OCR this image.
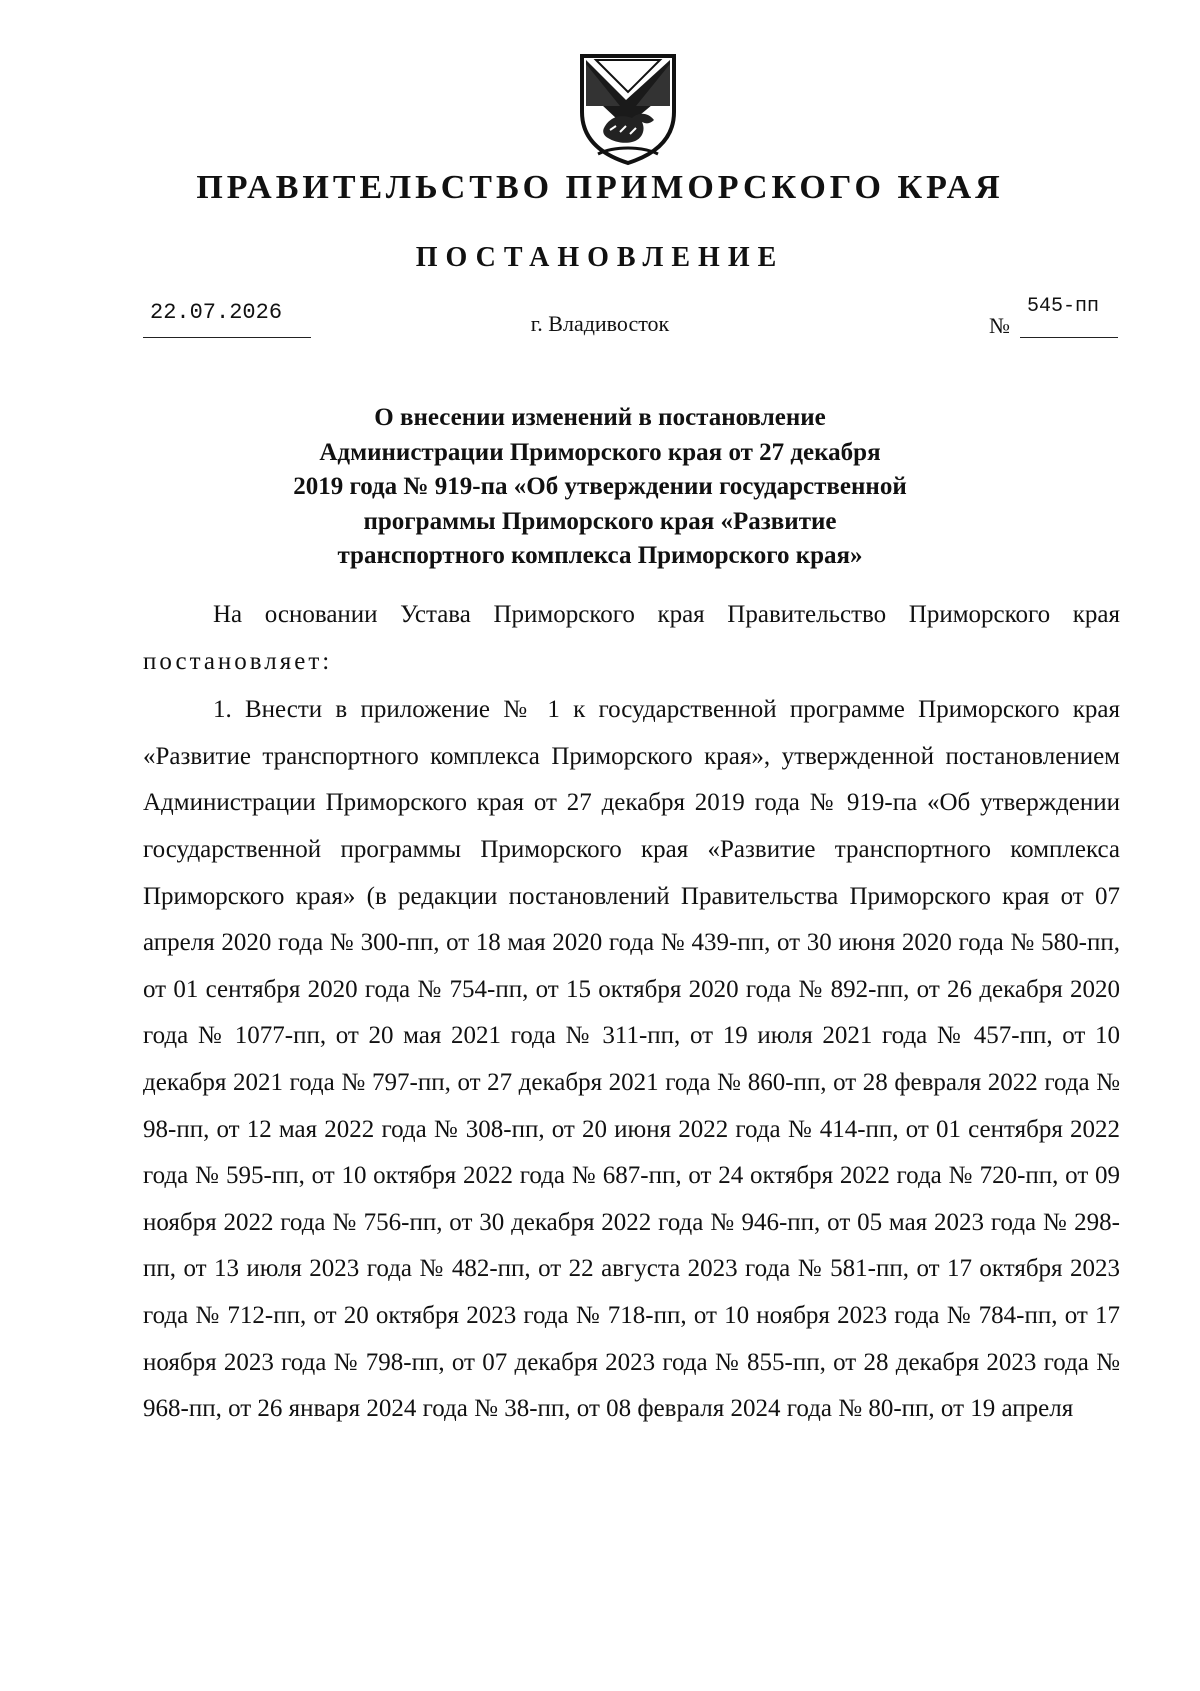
ПРАВИТЕЛЬСТВО ПРИМОРСКОГО КРАЯ
ПОСТАНОВЛЕНИЕ
22.07.2026	г. Владивосток	№
545-пп
О внесении изменений в постановление
Администрации Приморского края от 27 декабря
2019 года № 919-па «Об утверждении государственной
программы Приморского края «Развитие
транспортного комплекса Приморского края»

На основании Устава Приморского края Правительство Приморского края постановляет:

1. Внести в приложение № 1 к государственной программе Приморского края «Развитие транспортного комплекса Приморского края», утвержденной постановлением Администрации Приморского края от 27 декабря 2019 года № 919-па «Об утверждении государственной программы Приморского края «Развитие транспортного комплекса Приморского края» (в редакции постановлений Правительства Приморского края от 07 апреля 2020 года № 300-пп, от 18 мая 2020 года № 439-пп, от 30 июня 2020 года № 580-пп, от 01 сентября 2020 года № 754-пп, от 15 октября 2020 года № 892-пп, от 26 декабря 2020 года № 1077-пп, от 20 мая 2021 года № 311-пп, от 19 июля 2021 года № 457-пп, от 10 декабря 2021 года № 797-пп, от 27 декабря 2021 года № 860-пп, от 28 февраля 2022 года № 98-пп, от 12 мая 2022 года № 308-пп, от 20 июня 2022 года № 414-пп, от 01 сентября 2022 года № 595-пп, от 10 октября 2022 года № 687-пп, от 24 октября 2022 года № 720-пп, от 09 ноября 2022 года № 756-пп, от 30 декабря 2022 года № 946-пп, от 05 мая 2023 года № 298-пп, от 13 июля 2023 года № 482-пп, от 22 августа 2023 года № 581-пп, от 17 октября 2023 года № 712-пп, от 20 октября 2023 года № 718-пп, от 10 ноября 2023 года № 784-пп, от 17 ноября 2023 года № 798-пп, от 07 декабря 2023 года № 855-пп, от 28 декабря 2023 года № 968-пп, от 26 января 2024 года № 38-пп, от 08 февраля 2024 года № 80-пп, от 19 апреля
